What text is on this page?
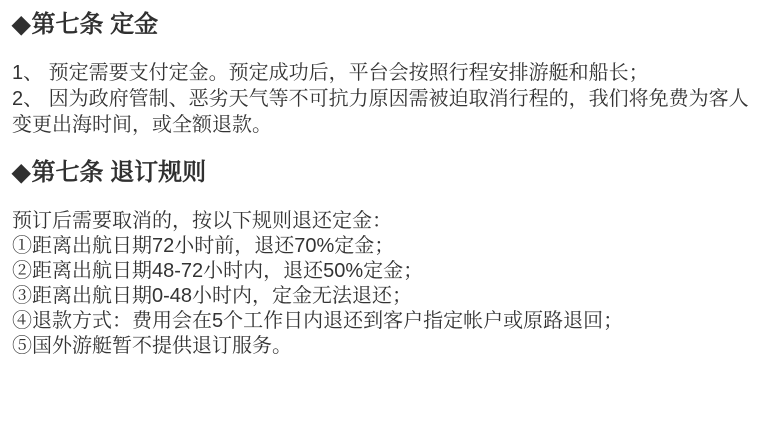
◆第七条 定金
1、 预定需要支付定金。预定成功后，平台会按照行程安排游艇和船长；
2、 因为政府管制、恶劣天气等不可抗力原因需被迫取消行程的，我们将免费为客人
变更出海时间，或全额退款。
◆第七条 退订规则
预订后需要取消的，按以下规则退还定金：
①距离出航日期72小时前，退还70%定金；
②距离出航日期48-72小时内，退还50%定金；
③距离出航日期0-48小时内，定金无法退还；
④退款方式：费用会在5个工作日内退还到客户指定帐户或原路退回；
⑤国外游艇暂不提供退订服务。
